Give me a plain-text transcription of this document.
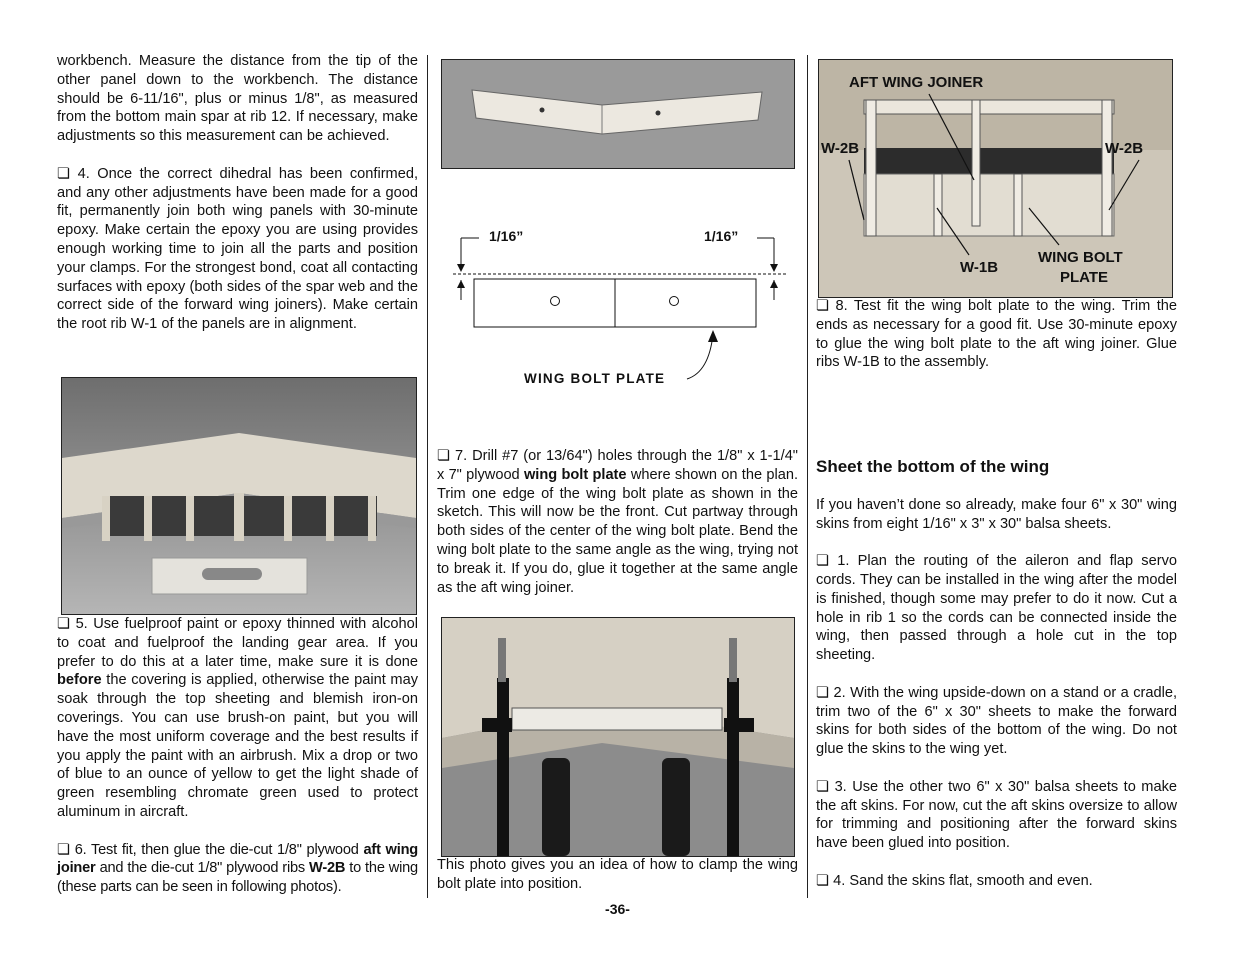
workbench. Measure the distance from the tip of the other panel down to the workbench. The distance should be 6-11/16", plus or minus 1/8", as measured from the bottom main spar at rib 12. If necessary, make adjustments so this measurement can be achieved.

❏ 4. Once the correct dihedral has been confirmed, and any other adjustments have been made for a good fit, permanently join both wing panels with 30-minute epoxy. Make certain the epoxy you are using provides enough working time to join all the parts and position your clamps. For the strongest bond, coat all contacting surfaces with epoxy (both sides of the spar web and the correct side of the forward wing joiners). Make certain the root rib W-1 of the panels are in alignment.

❏ 5. Use fuelproof paint or epoxy thinned with alcohol to coat and fuelproof the landing gear area. If you prefer to do this at a later time, make sure it is done before the covering is applied, otherwise the paint may soak through the top sheeting and blemish iron-on coverings. You can use brush-on paint, but you will have the most uniform coverage and the best results if you apply the paint with an airbrush. Mix a drop or two of blue to an ounce of yellow to get the light shade of green resembling chromate green used to protect aluminum in aircraft.

❏ 6. Test fit, then glue the die-cut 1/8" plywood aft wing joiner and the die-cut 1/8" plywood ribs W-2B to the wing (these parts can be seen in following photos).

1/16”	1/16”
WING BOLT PLATE

❏ 7. Drill #7 (or 13/64") holes through the 1/8" x 1-1/4" x 7" plywood wing bolt plate where shown on the plan. Trim one edge of the wing bolt plate as shown in the sketch. This will now be the front. Cut partway through both sides of the center of the wing bolt plate. Bend the wing bolt plate to the same angle as the wing, trying not to break it. If you do, glue it together at the same angle as the aft wing joiner.

This photo gives you an idea of how to clamp the wing bolt plate into position.

AFT WING JOINER
W-2B	W-2B
W-1B
WING BOLT
PLATE

❏ 8. Test fit the wing bolt plate to the wing. Trim the ends as necessary for a good fit. Use 30-minute epoxy to glue the wing bolt plate to the aft wing joiner. Glue ribs W-1B to the assembly.

Sheet the bottom of the wing

If you haven’t done so already, make four 6" x 30" wing skins from eight 1/16" x 3" x 30" balsa sheets.

❏ 1. Plan the routing of the aileron and flap servo cords. They can be installed in the wing after the model is finished, though some may prefer to do it now. Cut a hole in rib 1 so the cords can be connected inside the wing, then passed through a hole cut in the top sheeting.

❏ 2. With the wing upside-down on a stand or a cradle, trim two of the 6" x 30" sheets to make the forward skins for both sides of the bottom of the wing. Do not glue the skins to the wing yet.

❏ 3. Use the other two 6" x 30" balsa sheets to make the aft skins. For now, cut the aft skins oversize to allow for trimming and positioning after the forward skins have been glued into position.

❏ 4. Sand the skins flat, smooth and even.

-36-
